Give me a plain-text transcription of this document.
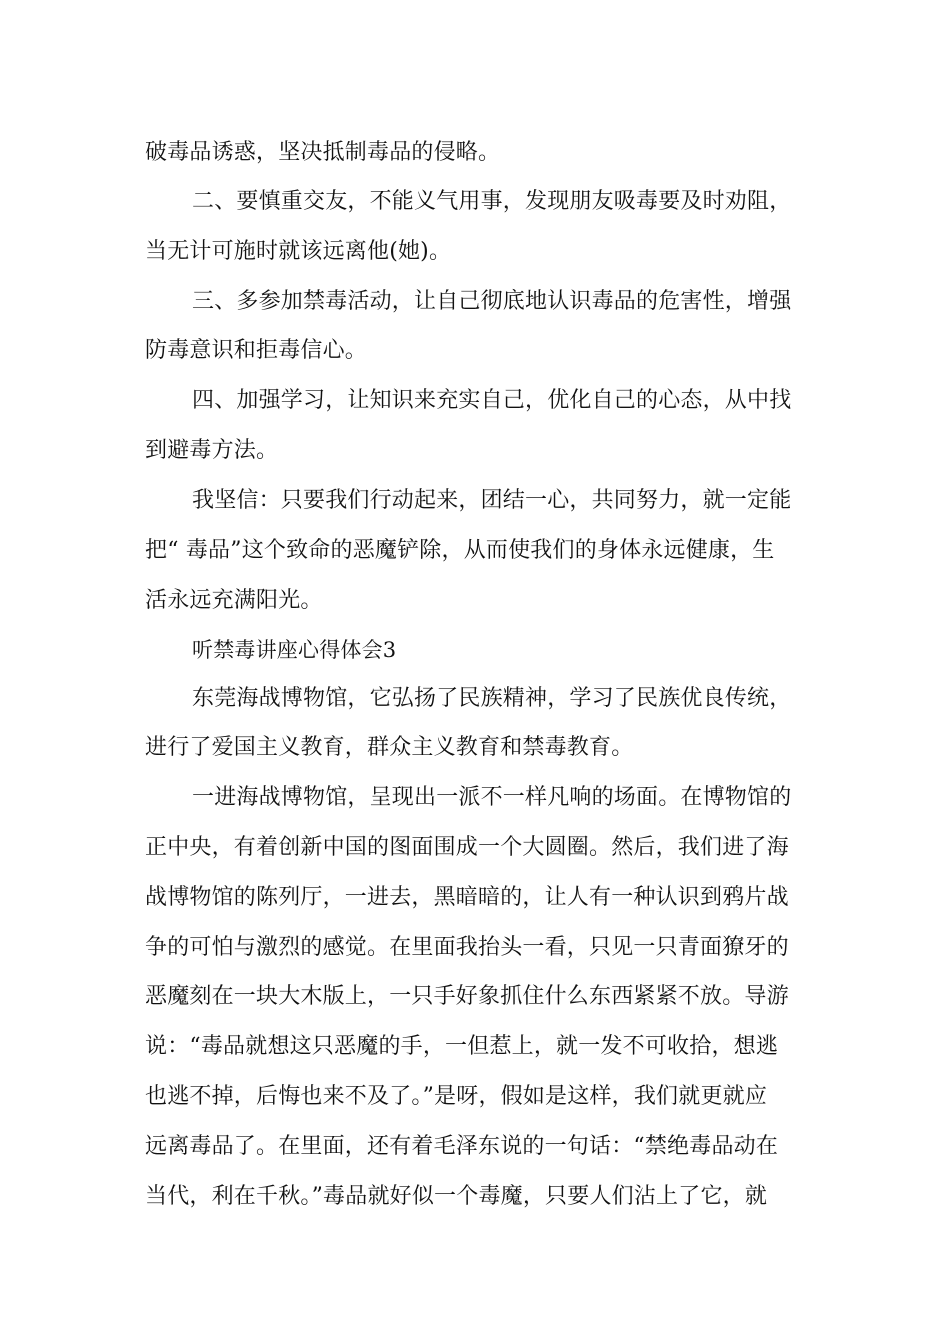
破毒品诱惑，坚决抵制毒品的侵略。
二、要慎重交友，不能义气用事，发现朋友吸毒要及时劝阻，
当无计可施时就该远离他(她)。
三、多参加禁毒活动，让自己彻底地认识毒品的危害性，增强
防毒意识和拒毒信心。
四、加强学习，让知识来充实自己，优化自己的心态，从中找
到避毒方法。
我坚信：只要我们行动起来，团结一心，共同努力，就一定能
把“ 毒品”这个致命的恶魔铲除，从而使我们的身体永远健康，生
活永远充满阳光。
听禁毒讲座心得体会3
东莞海战博物馆，它弘扬了民族精神，学习了民族优良传统，
进行了爱国主义教育，群众主义教育和禁毒教育。
一进海战博物馆，呈现出一派不一样凡响的场面。在博物馆的
正中央，有着创新中国的图面围成一个大圆圈。然后，我们进了海
战博物馆的陈列厅，一进去，黑暗暗的，让人有一种认识到鸦片战
争的可怕与激烈的感觉。在里面我抬头一看，只见一只青面獠牙的
恶魔刻在一块大木版上，一只手好象抓住什么东西紧紧不放。导游
说：“毒品就想这只恶魔的手，一但惹上，就一发不可收拾，想逃
也逃不掉，后悔也来不及了。”是呀，假如是这样，我们就更就应
远离毒品了。在里面，还有着毛泽东说的一句话：“禁绝毒品动在
当代，利在千秋。”毒品就好似一个毒魔，只要人们沾上了它，就
